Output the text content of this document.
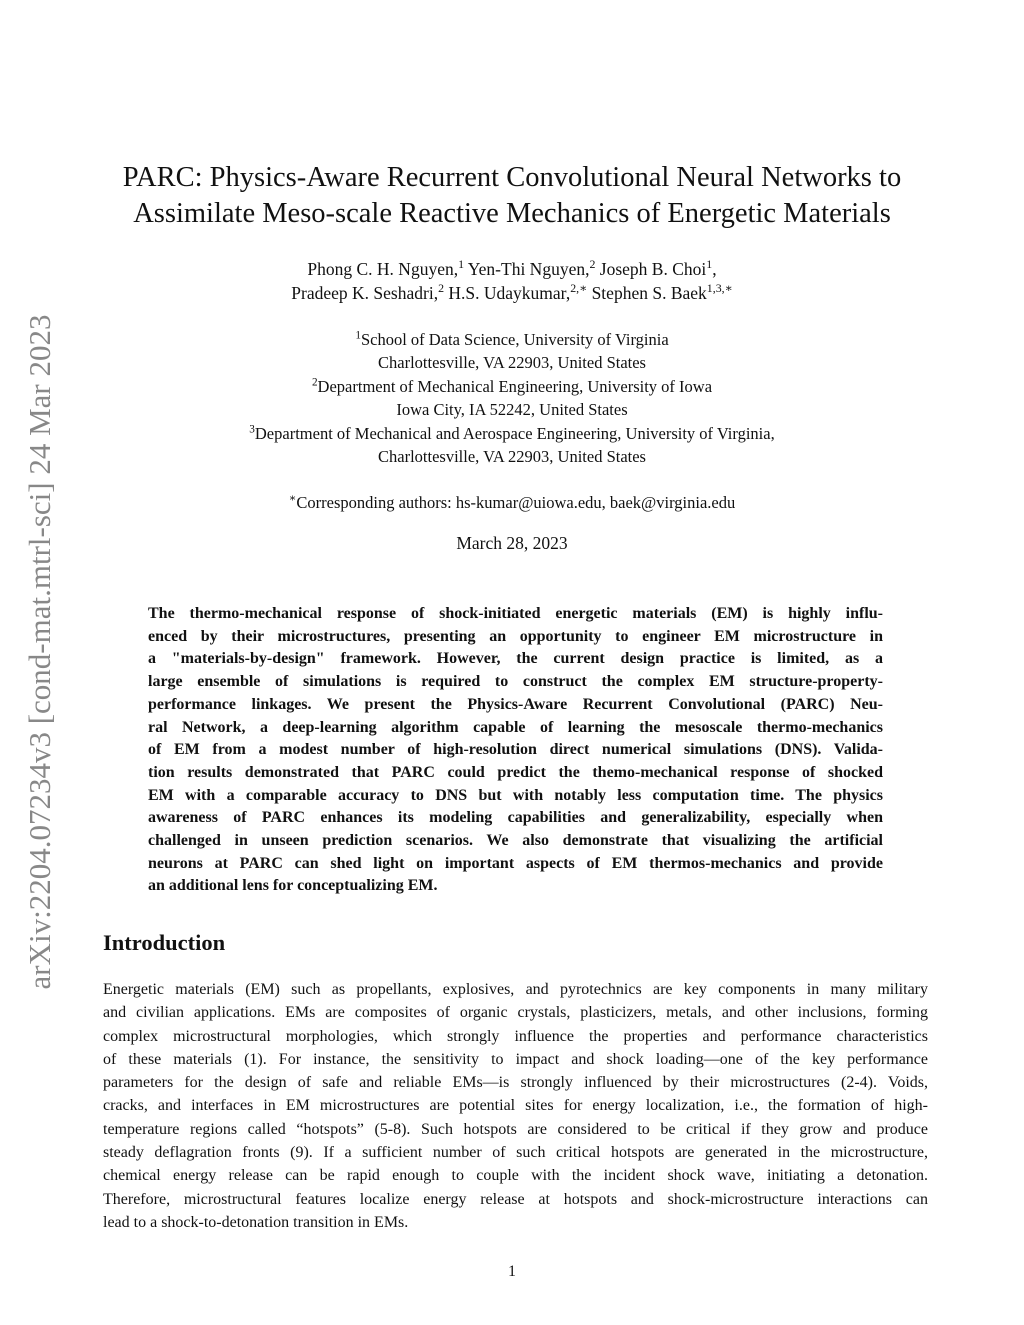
arXiv:2204.07234v3 [cond-mat.mtrl-sci] 24 Mar 2023
PARC: Physics-Aware Recurrent Convolutional Neural Networks to
Assimilate Meso-scale Reactive Mechanics of Energetic Materials
Phong C. H. Nguyen,$^1$ Yen-Thi Nguyen,$^2$ Joseph B. Choi$^1$,
Pradeep K. Seshadri,$^2$ H.S. Udaykumar,$^{2,∗}$ Stephen S. Baek$^{1,3,∗}$
$^1$School of Data Science, University of Virginia
Charlottesville, VA 22903, United States
$^2$Department of Mechanical Engineering, University of Iowa
Iowa City, IA 52242, United States
$^3$Department of Mechanical and Aerospace Engineering, University of Virginia,
Charlottesville, VA 22903, United States
∗Corresponding authors: hs-kumar@uiowa.edu, baek@virginia.edu
March 28, 2023
The thermo-mechanical response of shock-initiated energetic materials (EM) is highly influ-
enced by their microstructures, presenting an opportunity to engineer EM microstructure in
a "materials-by-design" framework. However, the current design practice is limited, as a
large ensemble of simulations is required to construct the complex EM structure-property-
performance linkages. We present the Physics-Aware Recurrent Convolutional (PARC) Neu-
ral Network, a deep-learning algorithm capable of learning the mesoscale thermo-mechanics
of EM from a modest number of high-resolution direct numerical simulations (DNS). Valida-
tion results demonstrated that PARC could predict the themo-mechanical response of shocked
EM with a comparable accuracy to DNS but with notably less computation time. The physics
awareness of PARC enhances its modeling capabilities and generalizability, especially when
challenged in unseen prediction scenarios. We also demonstrate that visualizing the artificial
neurons at PARC can shed light on important aspects of EM thermos-mechanics and provide
an additional lens for conceptualizing EM.
Introduction
Energetic materials (EM) such as propellants, explosives, and pyrotechnics are key components in many military
and civilian applications. EMs are composites of organic crystals, plasticizers, metals, and other inclusions, forming
complex microstructural morphologies, which strongly influence the properties and performance characteristics
of these materials (1). For instance, the sensitivity to impact and shock loading—one of the key performance
parameters for the design of safe and reliable EMs—is strongly influenced by their microstructures (2-4). Voids,
cracks, and interfaces in EM microstructures are potential sites for energy localization, i.e., the formation of high-
temperature regions called “hotspots” (5-8). Such hotspots are considered to be critical if they grow and produce
steady deflagration fronts (9). If a sufficient number of such critical hotspots are generated in the microstructure,
chemical energy release can be rapid enough to couple with the incident shock wave, initiating a detonation.
Therefore, microstructural features localize energy release at hotspots and shock-microstructure interactions can
lead to a shock-to-detonation transition in EMs.
1
